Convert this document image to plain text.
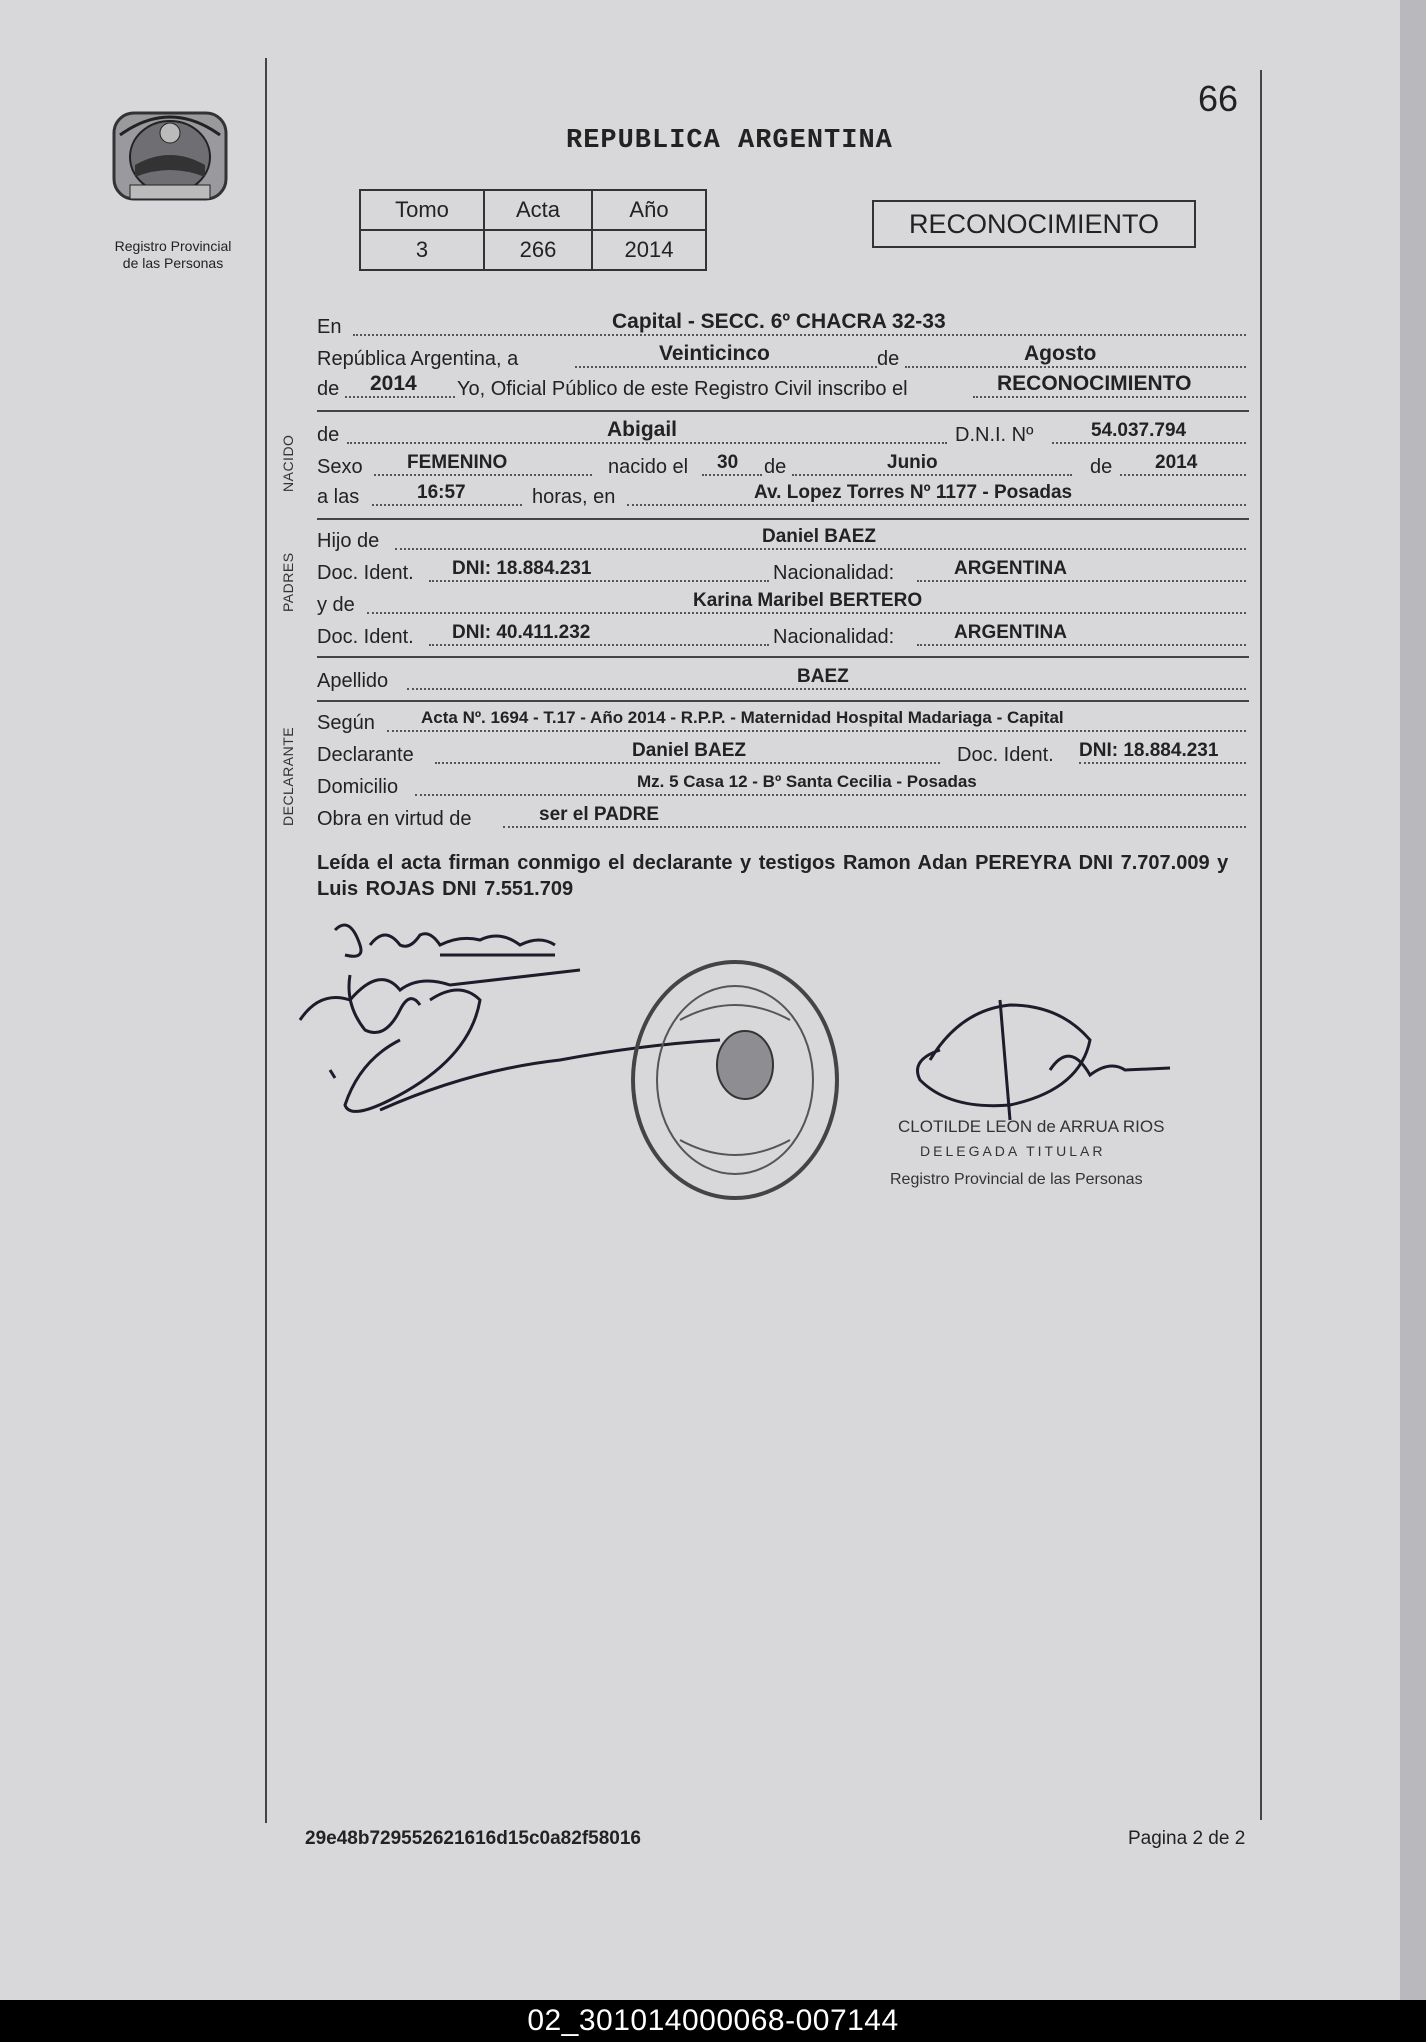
Registro Provincial
de las Personas
66
REPUBLICA ARGENTINA
Tomo	Acta	Año
3	266	2014
RECONOCIMIENTO
NACIDO
PADRES
DECLARANTE
En	Capital - SECC. 6º CHACRA 32-33
República Argentina, a	Veinticinco	de	Agosto
de 2014 Yo, Oficial Público de este Registro Civil inscribo el	RECONOCIMIENTO
de	Abigail	D.N.I. Nº	54.037.794
Sexo FEMENINO	nacido el 30 de	Junio	de 2014
a las	16:57	horas, en	Av. Lopez Torres Nº 1177 - Posadas
Hijo de	Daniel BAEZ
Doc. Ident. DNI: 18.884.231	Nacionalidad:	ARGENTINA
y de	Karina Maribel BERTERO
Doc. Ident. DNI: 40.411.232	Nacionalidad:	ARGENTINA
Apellido	BAEZ
Según	Acta Nº. 1694 - T.17 - Año 2014 - R.P.P. - Maternidad Hospital Madariaga - Capital
Declarante	Daniel BAEZ	Doc. Ident. DNI: 18.884.231
Domicilio	Mz. 5 Casa 12 - Bº Santa Cecilia - Posadas
Obra en virtud de	ser el PADRE
Leída el acta firman conmigo el declarante y testigos Ramon Adan PEREYRA DNI 7.707.009 y Luis ROJAS DNI 7.551.709
CLOTILDE LEON de ARRUA RIOS
DELEGADA TITULAR
Registro Provincial de las Personas
29e48b729552621616d15c0a82f58016	Pagina 2 de 2
02_301014000068-007144
